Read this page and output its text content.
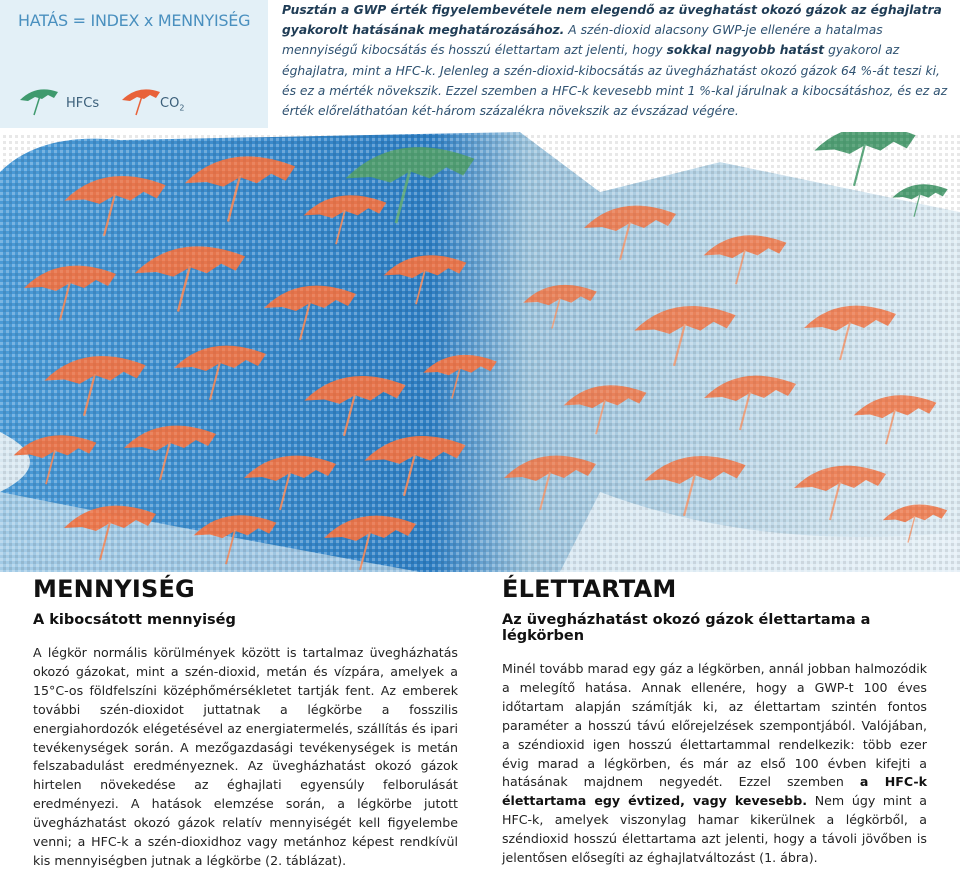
HATÁS = INDEX x MENNYISÉG
HFCs	$CO_2$

Pusztán a GWP érték figyelembevétele nem elegendő az üveghatást okozó gázok az éghajlatra gyakorolt hatásának meghatározásához. A szén-dioxid alacsony GWP-je ellenére a hatalmas mennyiségű kibocsátás és hosszú élettartam azt jelenti, hogy sokkal nagyobb hatást gyakorol az éghajlatra, mint a HFC-k. Jelenleg a szén-dioxid-kibocsátás az üvegházhatást okozó gázok 64 %-át teszi ki, és ez a mérték növekszik. Ezzel szemben a HFC-k kevesebb mint 1 %-kal járulnak a kibocsátáshoz, és ez az érték előreláthatóan két-három százalékra növekszik az évszázad végére.

MENNYISÉG
A kibocsátott mennyiség
A légkör normális körülmények között is tartalmaz üvegházhatás okozó gázokat, mint a szén-dioxid, metán és vízpára, amelyek a 15°C-os földfelszíni középhőmérsékletet tartják fent. Az emberek további szén-dioxidot juttatnak a légkörbe a fosszilis energiahordozók elégetésével az energiatermelés, szállítás és ipari tevékenységek során. A mezőgazdasági tevékenységek is metán felszabadulást eredményeznek. Az üvegházhatást okozó gázok hirtelen növekedése az éghajlati egyensúly felborulását eredményezi. A hatások elemzése során, a légkörbe jutott üvegházhatást okozó gázok relatív mennyiségét kell figyelembe venni; a HFC-k a szén-dioxidhoz vagy metánhoz képest rendkívül kis mennyiségben jutnak a légkörbe (2. táblázat).
ÉLETTARTAM
Az üvegházhatást okozó gázok élettartama a légkörben
Minél tovább marad egy gáz a légkörben, annál jobban halmozódik a melegítő hatása. Annak ellenére, hogy a GWP-t 100 éves időtartam alapján számítják ki, az élettartam szintén fontos paraméter a hosszú távú előrejelzések szempontjából. Valójában, a széndioxid igen hosszú élettartammal rendelkezik: több ezer évig marad a légkörben, és már az első 100 évben kifejti a hatásának majdnem negyedét. Ezzel szemben a HFC-k élettartama egy évtized, vagy kevesebb. Nem úgy mint a HFC-k, amelyek viszonylag hamar kikerülnek a légkörből, a széndioxid hosszú élettartama azt jelenti, hogy a távoli jövőben is jelentősen elősegíti az éghajlatváltozást (1. ábra).
